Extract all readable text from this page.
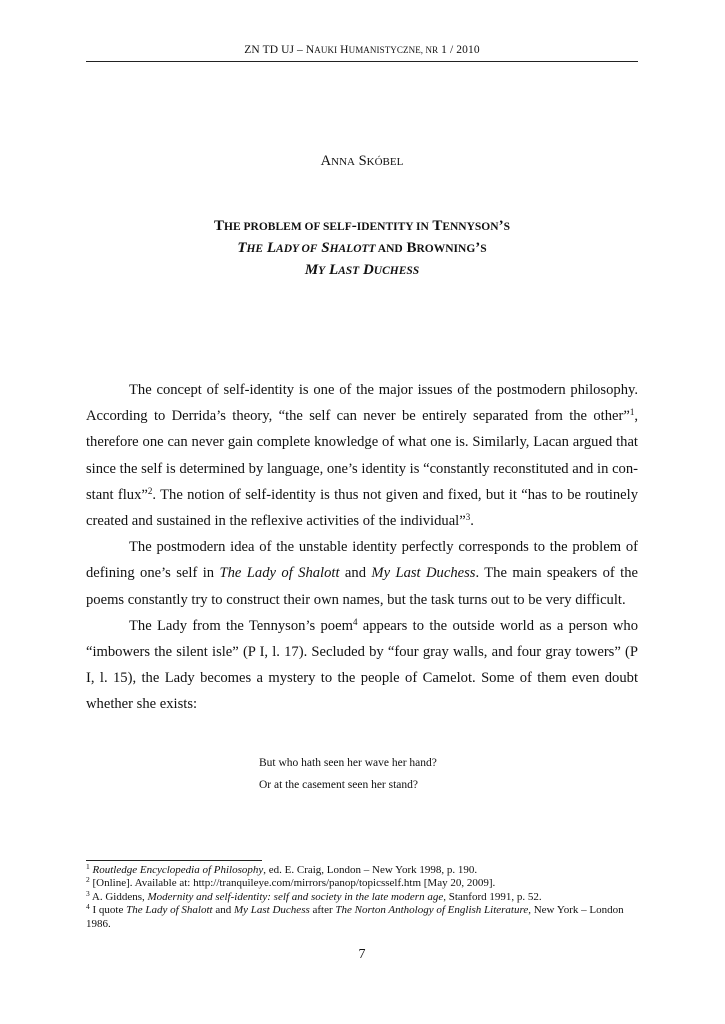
ZN TD UJ – NAUKI HUMANISTYCZNE, NR 1 / 2010
ANNA SKÓBEL
THE PROBLEM OF SELF-IDENTITY IN TENNYSON’S
THE LADY OF SHALOTT AND BROWNING’S
MY LAST DUCHESS

The concept of self-identity is one of the major issues of the postmodern philosophy. According to Derrida’s theory, “the self can never be entirely separated from the other”$^1$, therefore one can never gain complete knowledge of what one is. Similarly, Lacan argued that since the self is determined by language, one’s identity is “constantly reconstituted and in con-stant flux”$^2$. The notion of self-identity is thus not given and fixed, but it “has to be routinely created and sustained in the reflexive activities of the individual”$^3$.

The postmodern idea of the unstable identity perfectly corresponds to the problem of defining one’s self in The Lady of Shalott and My Last Duchess. The main speakers of the poems constantly try to construct their own names, but the task turns out to be very difficult.

The Lady from the Tennyson’s poem$^4$ appears to the outside world as a person who “imbowers the silent isle” (P I, l. 17). Secluded by “four gray walls, and four gray towers” (P I, l. 15), the Lady becomes a mystery to the people of Camelot. Some of them even doubt whether she exists:

But who hath seen her wave her hand?
Or at the casement seen her stand?
$^1$ Routledge Encyclopedia of Philosophy, ed. E. Craig, London – New York 1998, p. 190.
$^2$ [Online]. Available at: http://tranquileye.com/mirrors/panop/topicsself.htm [May 20, 2009].
$^3$ A. Giddens, Modernity and self-identity: self and society in the late modern age, Stanford 1991, p. 52.
$^4$ I quote The Lady of Shalott and My Last Duchess after The Norton Anthology of English Literature, New York – London 1986.
7
